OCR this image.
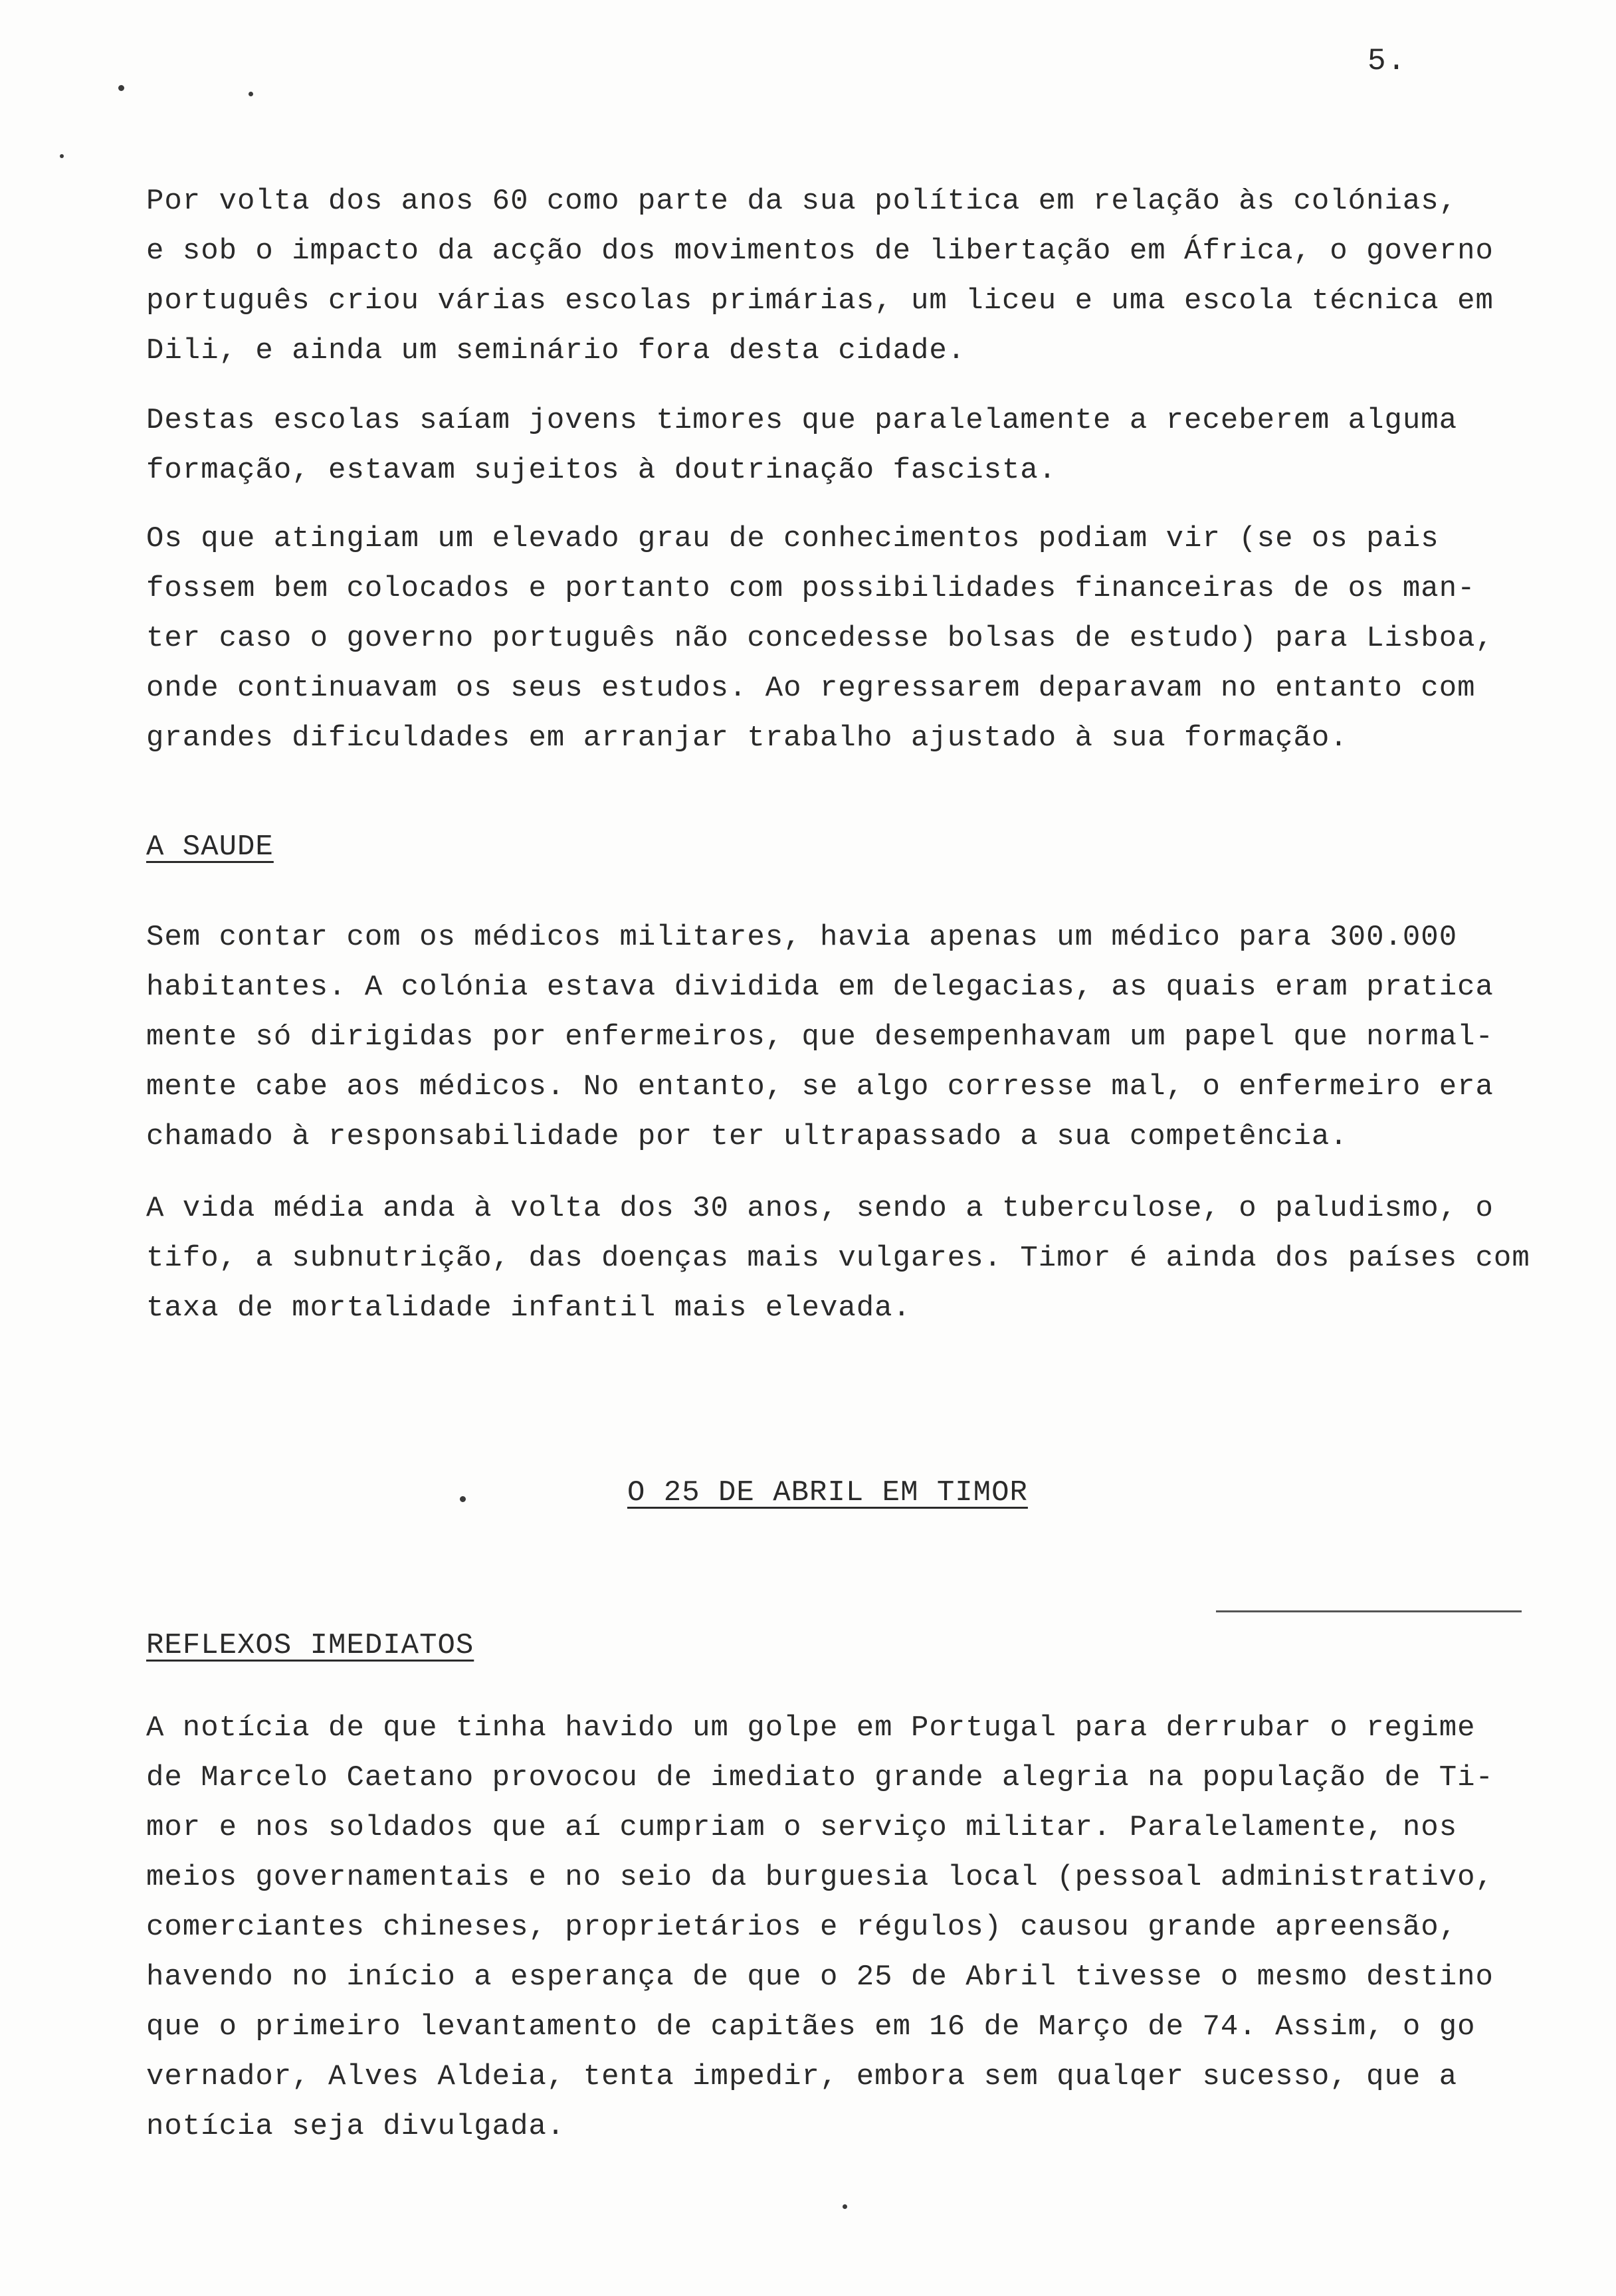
5.

Por volta dos anos 60 como parte da sua política em relação às colónias,
e sob o impacto da acção dos movimentos de libertação em África, o governo
português criou várias escolas primárias, um liceu e uma escola técnica em
Dili, e ainda um seminário fora desta cidade.

Destas escolas saíam jovens timores que paralelamente a receberem alguma
formação, estavam sujeitos à doutrinação fascista.

Os que atingiam um elevado grau de conhecimentos podiam vir (se os pais
fossem bem colocados e portanto com possibilidades financeiras de os man-
ter caso o governo português não concedesse bolsas de estudo) para Lisboa,
onde continuavam os seus estudos. Ao regressarem deparavam no entanto com
grandes dificuldades em arranjar trabalho ajustado à sua formação.

A SAUDE

Sem contar com os médicos militares, havia apenas um médico para 300.000
habitantes. A colónia estava dividida em delegacias, as quais eram pratica
mente só dirigidas por enfermeiros, que desempenhavam um papel que normal-
mente cabe aos médicos. No entanto, se algo corresse mal, o enfermeiro era
chamado à responsabilidade por ter ultrapassado a sua competência.

A vida média anda à volta dos 30 anos, sendo a tuberculose, o paludismo, o
tifo, a subnutrição, das doenças mais vulgares. Timor é ainda dos países com
taxa de mortalidade infantil mais elevada.

O 25 DE ABRIL EM TIMOR
REFLEXOS IMEDIATOS

A notícia de que tinha havido um golpe em Portugal para derrubar o regime
de Marcelo Caetano provocou de imediato grande alegria na população de Ti-
mor e nos soldados que aí cumpriam o serviço militar. Paralelamente, nos
meios governamentais e no seio da burguesia local (pessoal administrativo,
comerciantes chineses, proprietários e régulos) causou grande apreensão,
havendo no início a esperança de que o 25 de Abril tivesse o mesmo destino
que o primeiro levantamento de capitães em 16 de Março de 74. Assim, o go
vernador, Alves Aldeia, tenta impedir, embora sem qualqer sucesso, que a
notícia seja divulgada.
